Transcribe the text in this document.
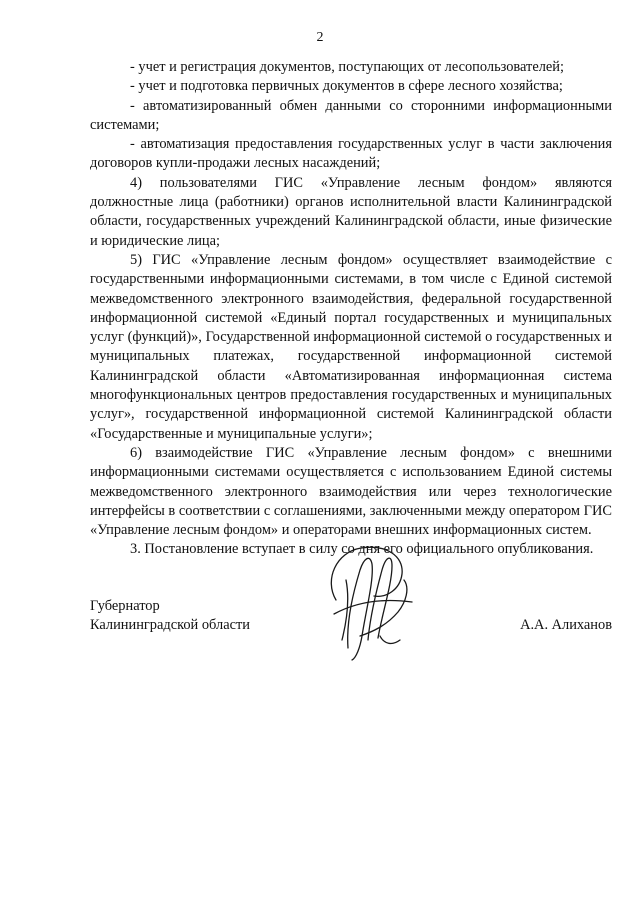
2

- учет и регистрация документов, поступающих от лесопользователей;

- учет и подготовка первичных документов в сфере лесного хозяйства;

- автоматизированный обмен данными со сторонними информационными системами;

- автоматизация предоставления государственных услуг в части заключения договоров купли-продажи лесных насаждений;

4) пользователями ГИС «Управление лесным фондом» являются должностные лица (работники) органов исполнительной власти Калининградской области, государственных учреждений Калининградской области, иные физические и юридические лица;

5) ГИС «Управление лесным фондом» осуществляет взаимодействие с государственными информационными системами, в том числе с Единой системой межведомственного электронного взаимодействия, федеральной государственной информационной системой «Единый портал государственных и муниципальных услуг (функций)», Государственной информационной системой о государственных и муниципальных платежах, государственной информационной системой Калининградской области «Автоматизированная информационная система многофункциональных центров предоставления государственных и муниципальных услуг», государственной информационной системой Калининградской области «Государственные и муниципальные услуги»;

6) взаимодействие ГИС «Управление лесным фондом» с внешними информационными системами осуществляется с использованием Единой системы межведомственного электронного взаимодействия или через технологические интерфейсы в соответствии с соглашениями, заключенными между оператором ГИС «Управление лесным фондом» и операторами внешних информационных систем.

3. Постановление вступает в силу со дня его официального опубликования.

Губернатор

Калининградской области	А.А. Алиханов
